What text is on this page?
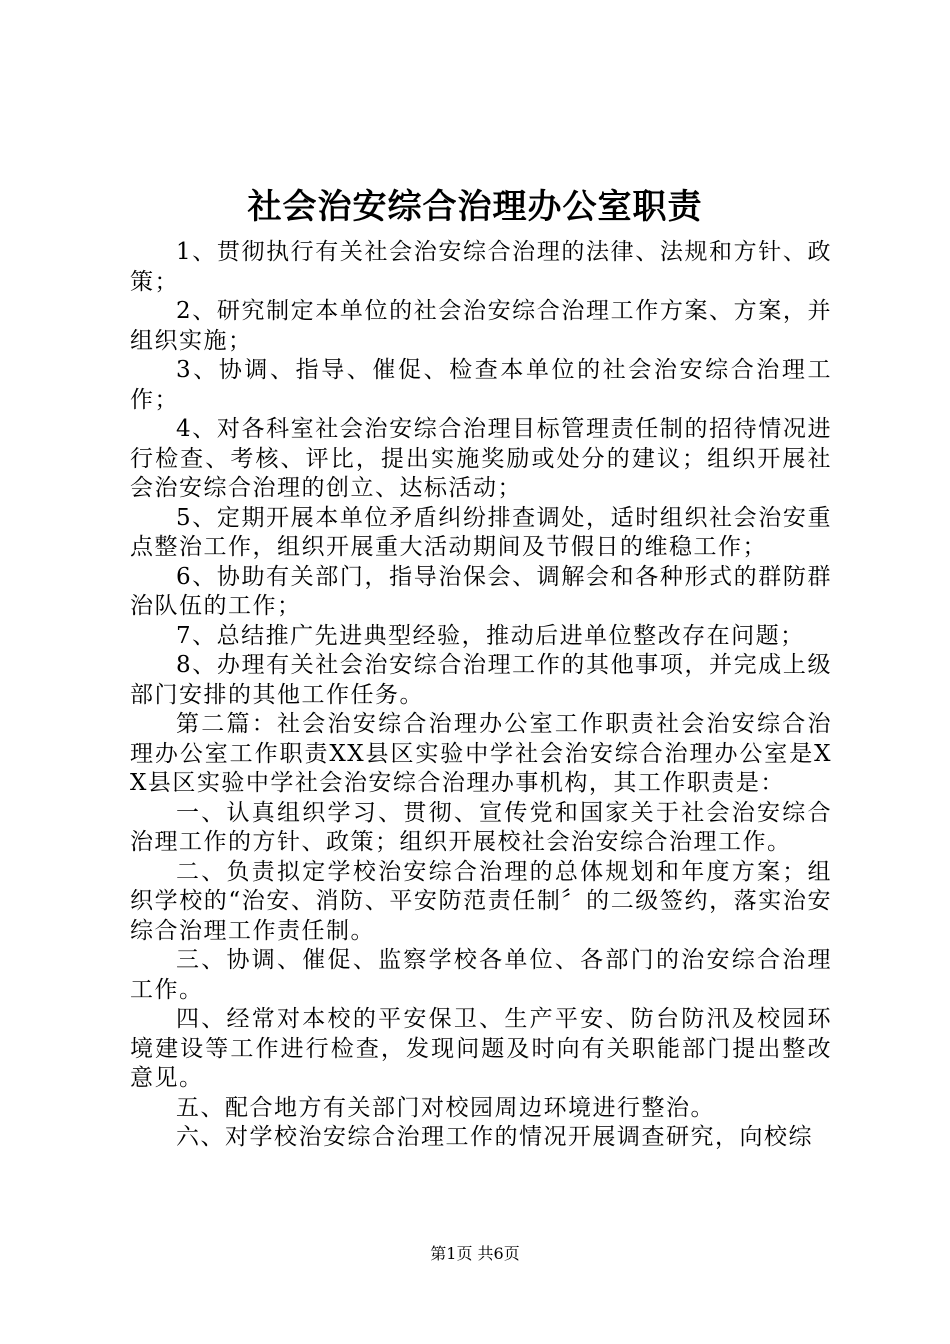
社会治安综合治理办公室职责

1、贯彻执行有关社会治安综合治理的法律、法规和方针、政策；

2、研究制定本单位的社会治安综合治理工作方案、方案，并组织实施；

3、协调、指导、催促、检查本单位的社会治安综合治理工作；

4、对各科室社会治安综合治理目标管理责任制的招待情况进行检查、考核、评比，提出实施奖励或处分的建议；组织开展社会治安综合治理的创立、达标活动；

5、定期开展本单位矛盾纠纷排查调处，适时组织社会治安重点整治工作，组织开展重大活动期间及节假日的维稳工作；

6、协助有关部门，指导治保会、调解会和各种形式的群防群治队伍的工作；

7、总结推广先进典型经验，推动后进单位整改存在问题；

8、办理有关社会治安综合治理工作的其他事项，并完成上级部门安排的其他工作任务。

第二篇：社会治安综合治理办公室工作职责社会治安综合治理办公室工作职责XX县区实验中学社会治安综合治理办公室是XX县区实验中学社会治安综合治理办事机构，其工作职责是：

一、认真组织学习、贯彻、宣传党和国家关于社会治安综合治理工作的方针、政策；组织开展校社会治安综合治理工作。

二、负责拟定学校治安综合治理的总体规划和年度方案；组织学校的“治安、消防、平安防范责任制〞的二级签约，落实治安综合治理工作责任制。

三、协调、催促、监察学校各单位、各部门的治安综合治理工作。

四、经常对本校的平安保卫、生产平安、防台防汛及校园环境建设等工作进行检查，发现问题及时向有关职能部门提出整改意见。

五、配合地方有关部门对校园周边环境进行整治。

六、对学校治安综合治理工作的情况开展调查研究，向校综

第1页 共6页
